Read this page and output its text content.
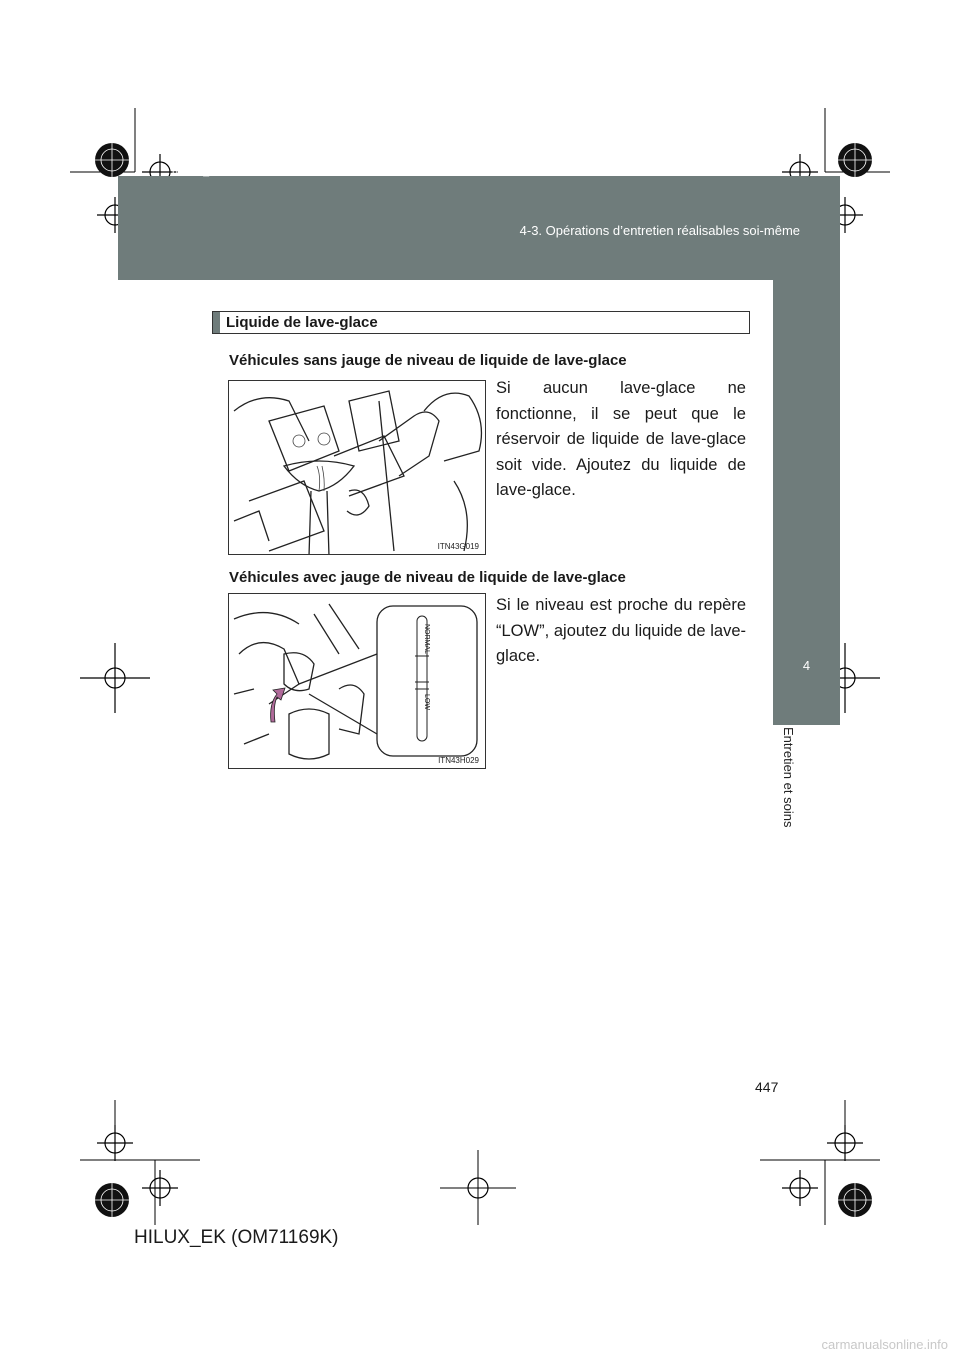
HILUX_EK.book Page 447 Wednesday, March 23, 2011 3:03 PM
4-3. Opérations d’entretien réalisables soi-même
4
Entretien et soins
Liquide de lave-glace
Véhicules sans jauge de niveau de liquide de lave-glace
ITN43G019
Si aucun lave-glace ne fonctionne, il se peut que le réservoir de liquide de lave-glace soit vide. Ajoutez du liquide de lave-glace.
Véhicules avec jauge de niveau de liquide de lave-glace
NORMAL
LOW
ITN43H029
Si le niveau est proche du repère “LOW”, ajoutez du liquide de lave-glace.
447
HILUX_EK (OM71169K)
carmanualsonline.info
